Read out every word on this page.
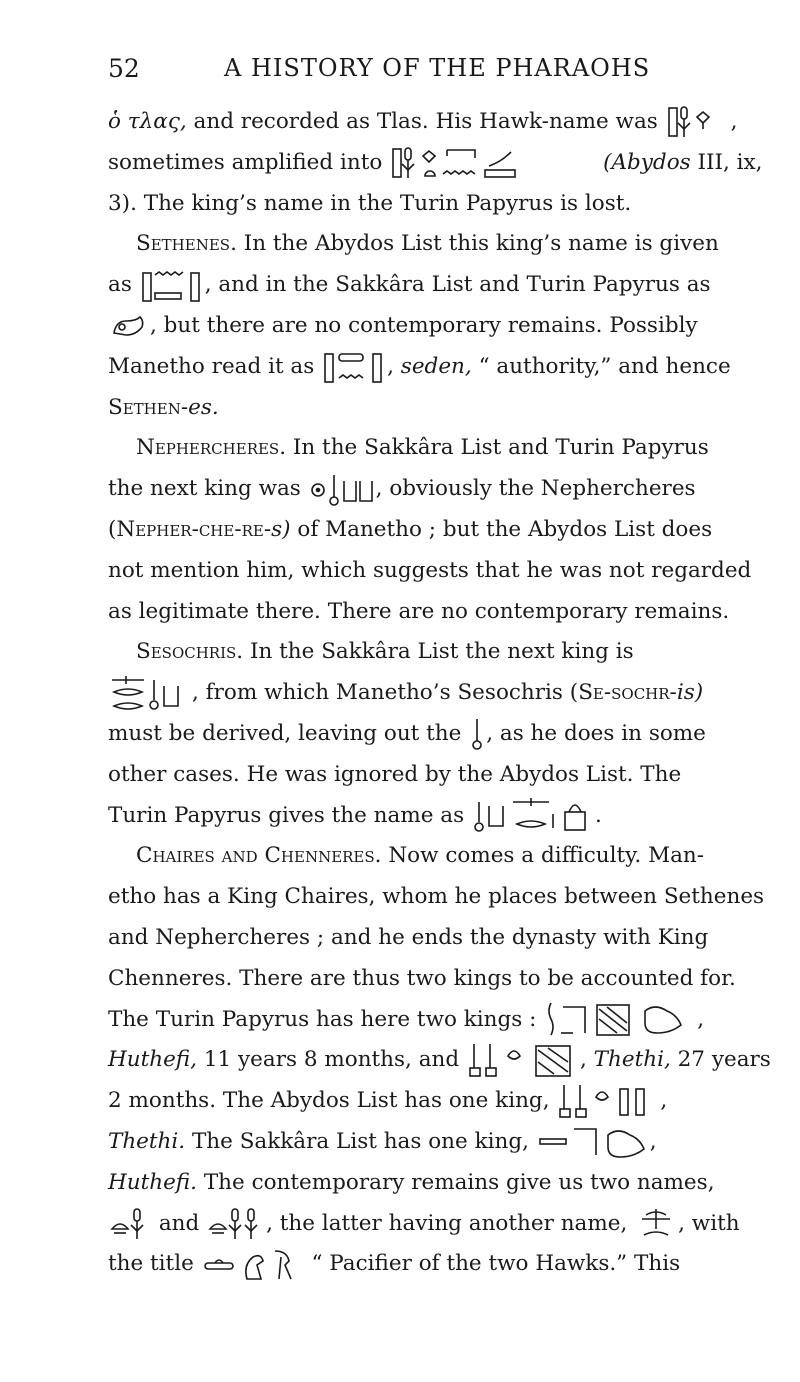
52	A HISTORY OF THE PHARAOHS
ὁ τλας, and recorded as Tlas. His Hawk-name was	,
sometimes amplified into	(Abydos III, ix,
3). The king’s name in the Turin Papyrus is lost.
Sethenes. In the Abydos List this king’s name is given
as	, and in the Sakkâra List and Turin Papyrus as
, but there are no contemporary remains. Possibly
Manetho read it as	, seden, “ authority,” and hence
Sethen- es.
Nephercheres. In the Sakkâra List and Turin Papyrus
the next king was	, obviously the Nephercheres
(Nepher-che-re-s) of Manetho ; but the Abydos List does
not mention him, which suggests that he was not regarded
as legitimate there. There are no contemporary remains.
Sesochris. In the Sakkâra List the next king is
, from which Manetho’s Sesochris (Se-sochr-is)
must be derived, leaving out the , as he does in some
other cases. He was ignored by the Abydos List. The
Turin Papyrus gives the name as	.
Chaires and Chenneres. Now comes a difficulty. Man-
etho has a King Chaires, whom he places between Sethenes
and Nephercheres ; and he ends the dynasty with King
Chenneres. There are thus two kings to be accounted for.
The Turin Papyrus has here two kings :	,
Huthefi, 11 years 8 months, and	, Thethi, 27 years
2 months. The Abydos List has one king,	,
Thethi. The Sakkâra List has one king,	,
Huthefi. The contemporary remains give us two names,
and	, the latter having another name, , with
the title	“ Pacifier of the two Hawks.” This
